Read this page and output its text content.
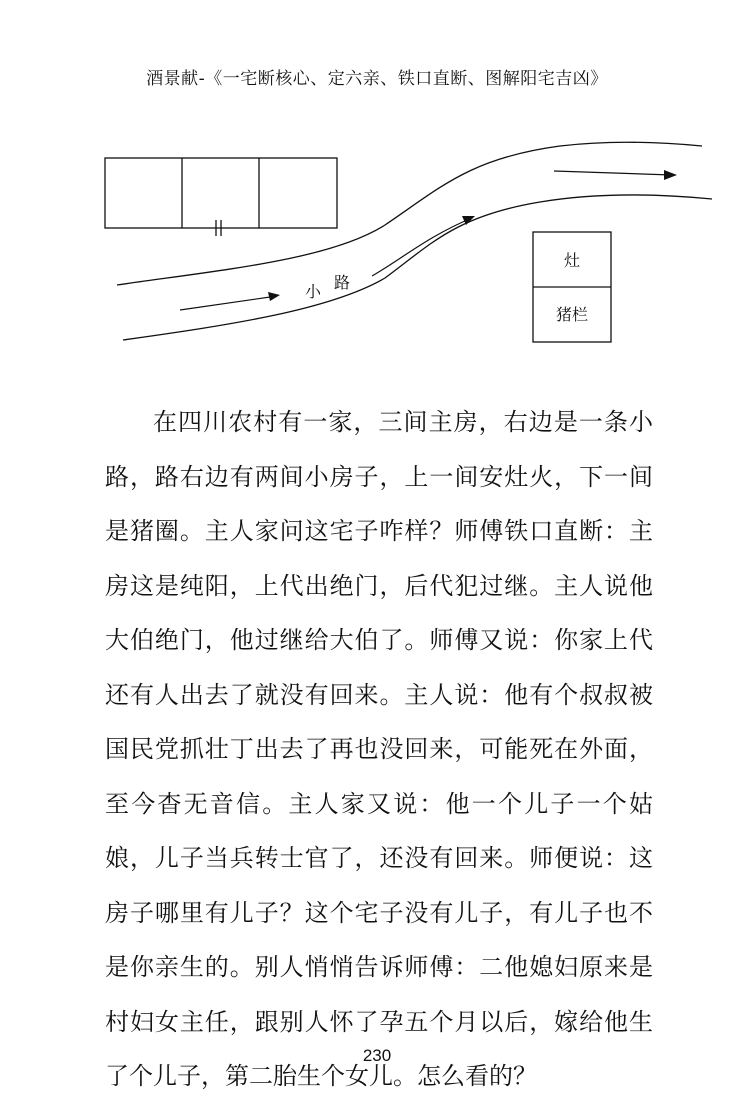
酒景献-《一宅断核心、定六亲、铁口直断、图解阳宅吉凶》
小 路
灶
猪栏

在四川农村有一家，三间主房，右边是一条小路，路右边有两间小房子，上一间安灶火，下一间是猪圈。主人家问这宅子咋样？师傅铁口直断：主房这是纯阳，上代出绝门，后代犯过继。主人说他大伯绝门，他过继给大伯了。师傅又说：你家上代还有人出去了就没有回来。主人说：他有个叔叔被国民党抓壮丁出去了再也没回来，可能死在外面，至今杳无音信。主人家又说：他一个儿子一个姑娘，儿子当兵转士官了，还没有回来。师便说：这房子哪里有儿子？这个宅子没有儿子，有儿子也不是你亲生的。别人悄悄告诉师傅：二他媳妇原来是村妇女主任，跟别人怀了孕五个月以后，嫁给他生了个儿子，第二胎生个女儿。怎么看的？

230
